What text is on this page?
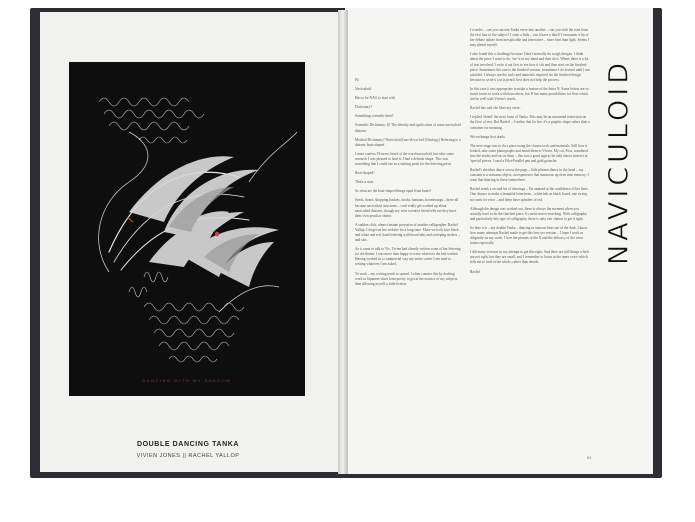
DANCING WITH MY SHADOW
DOUBLE DANCING TANKA
VIVIEN JONES || RACHEL YALLOP

Hi

Naviculoid

Has to be NAG to start with

Dictionary?

Something scientific then?

Scientific Dictionary: [i] The identity and typification of some naviculoid diatoms

Medical Dictionary? Naviculoid [nav-ik-yu-loid] [biology] Referring to a diatom; boat-shaped

I must confess I'd never heard of the word naviculoid, but after some research I was pleased to hear it. I had a definite shape. This was something that I could use as a starting point for the lettering piece.

Boat-shaped?

That's a start.

So what are the boat-shaped things apart from boats?

Seeds, beans, shopping baskets, books, bananas, boomerangs – these all became naviculoid structures – can't really get worked up about naviculoid diatoms, though my wise scientist friend tells me they have their own peculiar charm.

A sudden click, almost instant provision of another calligrapher. Rachel Yallop. I forget on her website for a long time. More we both love black and white and red, hand lettering with broad nibs and sweeping strokes – and cats.

As it came to talk to Viv, Vivien had already written some of her lettering for the theme. I was more than happy to write wherever the bed written. Having worked in a commercial way my entire career I am used to writing whatever I am asked.

To work – my writing tends to spread. I often counter this by drafting work in Japanese short form poetry to get at the essence of my subjects, then allowing myself a little license.

I wonder – can you run one Tanka verse into another – can you shift the tone from the first line of the subject? I want a little – can it have a label? I encounter a lot of her debate online from inexplicable and innovative – more heat than light. Seems I may please myself.

I also found this a challenge because I don't normally do rough designs. I think about the piece I want to do, 'see' it in my mind and then do it. Where there is a lot of text involved, I write it out first to see how it sits and then start on the finished piece. Sometimes this one is the finished version, sometimes I do several until I am satisfied. I always use the tools and materials required for the finished design because to write it out in pencil first does not help the process.

In this case it was appropriate to make a feature of the letter N. Some letters are so much easier to work with than others, but N has many possibilities for flow which tied in well with Vivien's words.

Rachel has said she likes my verse.

I replied 'elated' the strict form of Tanka. This may be an unwanted restriction on the flow of text. But Rachel – I realise that for her, it's a graphic shape rather than a container for meaning.

We exchange first drafts.

The next stage was to do a piece using the chosen tools and materials. Still how it looked, take some photographs and email them to Vivien. My cat, Foss, wandered into the studio and sat on them – this was a good sign as he only shows interest in 'special' pieces. I used a Pilot-Parallel pen and gold gouache.

Rachel's sketches dance across the page – little phrases dance in thy head – my constant is a sensuous object, an experience that summons up firm-time memory. I want that dancing in these somewhere.

Rachel sends a second set of drawings – I'm amazed at the confidence of her lines. One chance to make a beautiful letterform – white ink on black board, one sweep, no room for error – and these have splashes of red.

Although the design was worked out, there is always the moment when you actually have to do the finished piece. It can be nerve-wracking. With calligraphy and particularly this type of calligraphy, there is only one chance to get it right.

So here it is – my double Tanka – dancing in sinuous lines out of the dark. I know how many attempts Rachel made to get this best yet version – I hope I work as diligently on my work. I love the plumes of the N and the delicacy of the verse forms especially.

I did many versions in my attempt to get this right. And there are still things which are not right, but they are small, and I remember to listen to the inner voice which tells me to look at the whole, rather than details.

Rachel

NAVICULOID
91
